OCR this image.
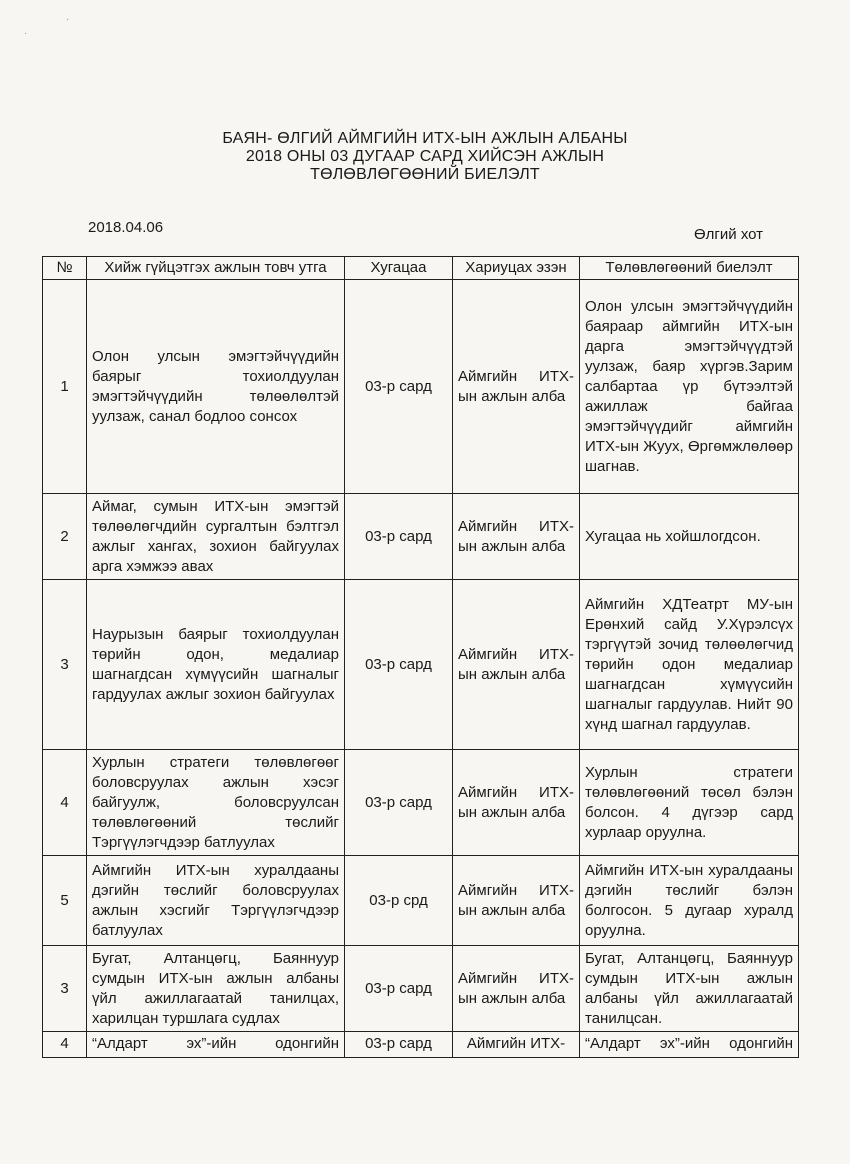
БАЯН- ӨЛГИЙ АЙМГИЙН ИТХ-ЫН АЖЛЫН АЛБАНЫ
2018 ОНЫ 03 ДУГААР САРД ХИЙСЭН АЖЛЫН
ТӨЛӨВЛӨГӨӨНИЙ БИЕЛЭЛТ
2018.04.06	Өлгий хот
·
·
№	Хийж гүйцэтгэх ажлын товч утга	Хугацаа	Хариуцах эзэн	Төлөвлөгөөний биелэлт
1	Олон улсын эмэгтэйчүүдийн баярыг тохиолдуулан эмэгтэйчүүдийн төлөөлөлтэй уулзаж, санал бодлоо сонсох	03-р сард	Аймгийн ИТХ-ын ажлын алба	Олон улсын эмэгтэйчүүдийн баяраар аймгийн ИТХ-ын дарга эмэгтэйчүүдтэй уулзаж, баяр хүргэв.Зарим салбартаа үр бүтээлтэй ажиллаж байгаа эмэгтэйчүүдийг аймгийн ИТХ-ын Жуух, Өргөмжлөлөөр шагнав.
2	Аймаг, сумын ИТХ-ын эмэгтэй төлөөлөгчдийн сургалтын бэлтгэл ажлыг хангах, зохион байгуулах арга хэмжээ авах	03-р сард	Аймгийн ИТХ-ын ажлын алба	Хугацаа нь хойшлогдсон.
3	Наурызын баярыг тохиолдуулан төрийн одон, медалиар шагнагдсан хүмүүсийн шагналыг гардуулах ажлыг зохион байгуулах	03-р сард	Аймгийн ИТХ-ын ажлын алба	Аймгийн ХДТеатрт МУ-ын Ерөнхий сайд У.Хүрэлсүх тэргүүтэй зочид төлөөлөгчид төрийн одон медалиар шагнагдсан хүмүүсийн шагналыг гардуулав. Нийт 90 хүнд шагнал гардуулав.
4	Хурлын стратеги төлөвлөгөөг боловсруулах ажлын хэсэг байгуулж, боловсруулсан төлөвлөгөөний төслийг Тэргүүлэгчдээр батлуулах	03-р сард	Аймгийн ИТХ-ын ажлын алба	Хурлын стратеги төлөвлөгөөний төсөл бэлэн болсон. 4 дүгээр сард хурлаар оруулна.
5	Аймгийн ИТХ-ын хуралдааны дэгийн төслийг боловсруулах ажлын хэсгийг Тэргүүлэгчдээр батлуулах	03-р срд	Аймгийн ИТХ-ын ажлын алба	Аймгийн ИТХ-ын хуралдааны дэгийн төслийг бэлэн болгосон. 5 дугаар хуралд оруулна.
3	Бугат, Алтанцөгц, Баяннуур сумдын ИТХ-ын ажлын албаны үйл ажиллагаатай танилцах, харилцан туршлага судлах	03-р сард	Аймгийн ИТХ-ын ажлын алба	Бугат, Алтанцөгц, Баяннуур сумдын ИТХ-ын ажлын албаны үйл ажиллагаатай танилцсан.
4	“Алдарт эх”-ийн одонгийн	03-р сард	Аймгийн ИТХ-	“Алдарт эх”-ийн одонгийн
